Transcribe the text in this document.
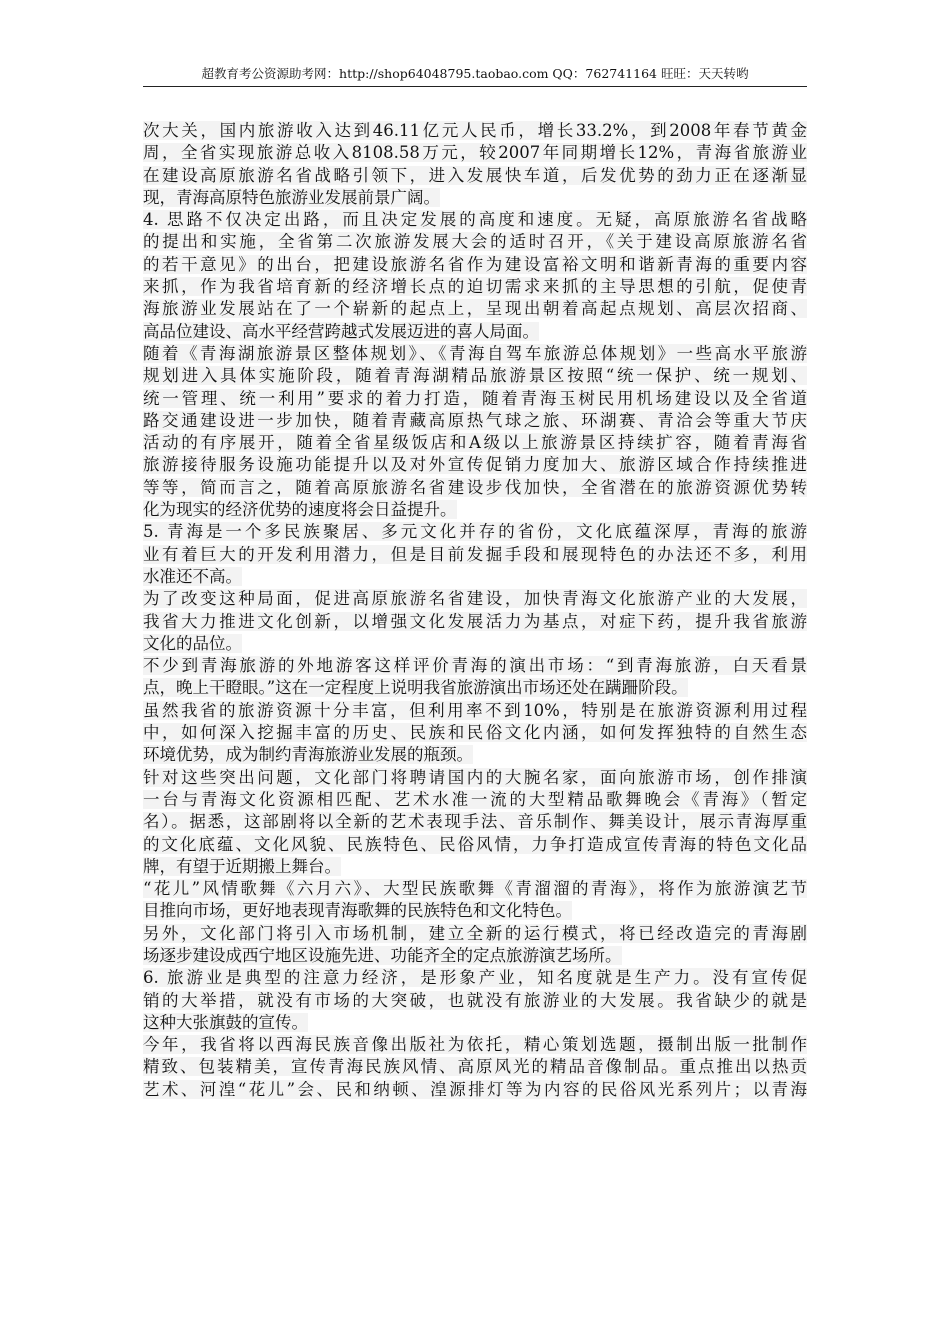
超教育考公资源助考网：http://shop64048795.taobao.com QQ：762741164 旺旺：天天转哟
次大关，国内旅游收入达到46.11亿元人民币，增长33.2%，到2008年春节黄金
周，全省实现旅游总收入8108.58万元，较2007年同期增长12%，青海省旅游业
在建设高原旅游名省战略引领下，进入发展快车道，后发优势的劲力正在逐渐显
现，青海高原特色旅游业发展前景广阔。
4. 思路不仅决定出路，而且决定发展的高度和速度。无疑，高原旅游名省战略
的提出和实施，全省第二次旅游发展大会的适时召开，《关于建设高原旅游名省
的若干意见》的出台，把建设旅游名省作为建设富裕文明和谐新青海的重要内容
来抓，作为我省培育新的经济增长点的迫切需求来抓的主导思想的引航，促使青
海旅游业发展站在了一个崭新的起点上，呈现出朝着高起点规划、高层次招商、
高品位建设、高水平经营跨越式发展迈进的喜人局面。
随着《青海湖旅游景区整体规划》、《青海自驾车旅游总体规划》一些高水平旅游
规划进入具体实施阶段，随着青海湖精品旅游景区按照“统一保护、统一规划、
统一管理、统一利用”要求的着力打造，随着青海玉树民用机场建设以及全省道
路交通建设进一步加快，随着青藏高原热气球之旅、环湖赛、青洽会等重大节庆
活动的有序展开，随着全省星级饭店和A级以上旅游景区持续扩容，随着青海省
旅游接待服务设施功能提升以及对外宣传促销力度加大、旅游区域合作持续推进
等等，简而言之，随着高原旅游名省建设步伐加快，全省潜在的旅游资源优势转
化为现实的经济优势的速度将会日益提升。
5. 青海是一个多民族聚居、多元文化并存的省份，文化底蕴深厚，青海的旅游
业有着巨大的开发利用潜力，但是目前发掘手段和展现特色的办法还不多，利用
水准还不高。
为了改变这种局面，促进高原旅游名省建设，加快青海文化旅游产业的大发展，
我省大力推进文化创新，以增强文化发展活力为基点，对症下药，提升我省旅游
文化的品位。
不少到青海旅游的外地游客这样评价青海的演出市场：“到青海旅游，白天看景
点，晚上干瞪眼。”这在一定程度上说明我省旅游演出市场还处在蹒跚阶段。
虽然我省的旅游资源十分丰富，但利用率不到10%，特别是在旅游资源利用过程
中，如何深入挖掘丰富的历史、民族和民俗文化内涵，如何发挥独特的自然生态
环境优势，成为制约青海旅游业发展的瓶颈。
针对这些突出问题，文化部门将聘请国内的大腕名家，面向旅游市场，创作排演
一台与青海文化资源相匹配、艺术水准一流的大型精品歌舞晚会《青海》（暂定
名）。据悉，这部剧将以全新的艺术表现手法、音乐制作、舞美设计，展示青海厚重
的文化底蕴、文化风貌、民族特色、民俗风情，力争打造成宣传青海的特色文化品
牌，有望于近期搬上舞台。
“花儿”风情歌舞《六月六》、大型民族歌舞《青溜溜的青海》，将作为旅游演艺节
目推向市场，更好地表现青海歌舞的民族特色和文化特色。
另外，文化部门将引入市场机制，建立全新的运行模式，将已经改造完的青海剧
场逐步建设成西宁地区设施先进、功能齐全的定点旅游演艺场所。
6. 旅游业是典型的注意力经济，是形象产业，知名度就是生产力。没有宣传促
销的大举措，就没有市场的大突破，也就没有旅游业的大发展。我省缺少的就是
这种大张旗鼓的宣传。
今年，我省将以西海民族音像出版社为依托，精心策划选题，摄制出版一批制作
精致、包装精美，宣传青海民族风情、高原风光的精品音像制品。重点推出以热贡
艺术、河湟“花儿”会、民和纳顿、湟源排灯等为内容的民俗风光系列片；以青海
